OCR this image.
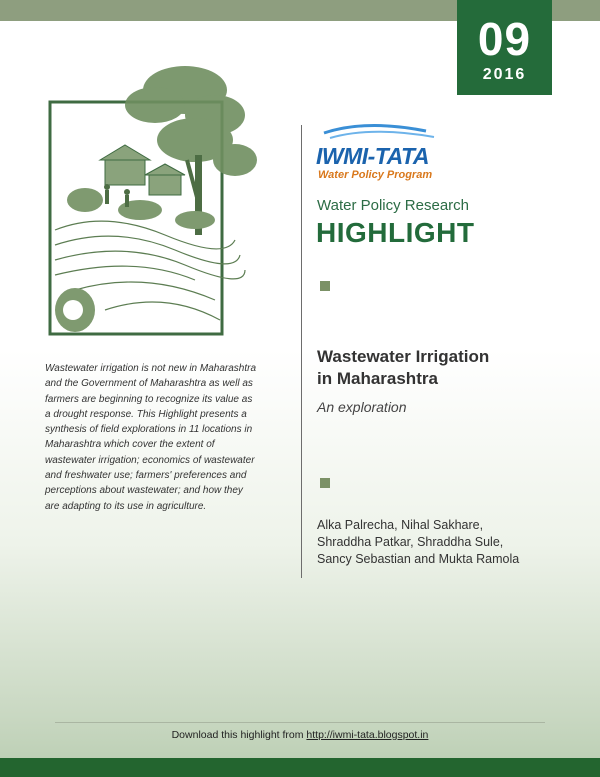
09
2016
IWMI-TATA
Water Policy Program
Water Policy Research
HIGHLIGHT
Wastewater Irrigation
in Maharashtra
An exploration
Alka Palrecha, Nihal Sakhare,
Shraddha Patkar, Shraddha Sule,
Sancy Sebastian and Mukta Ramola
Wastewater irrigation is not new in Maharashtra and the Government of Maharashtra as well as farmers are beginning to recognize its value as a drought response. This Highlight presents a synthesis of field explorations in 11 locations in Maharashtra which cover the extent of wastewater irrigation; economics of wastewater and freshwater use; farmers' preferences and perceptions about wastewater; and how they are adapting to its use in agriculture.
Download this highlight from http://iwmi-tata.blogspot.in
